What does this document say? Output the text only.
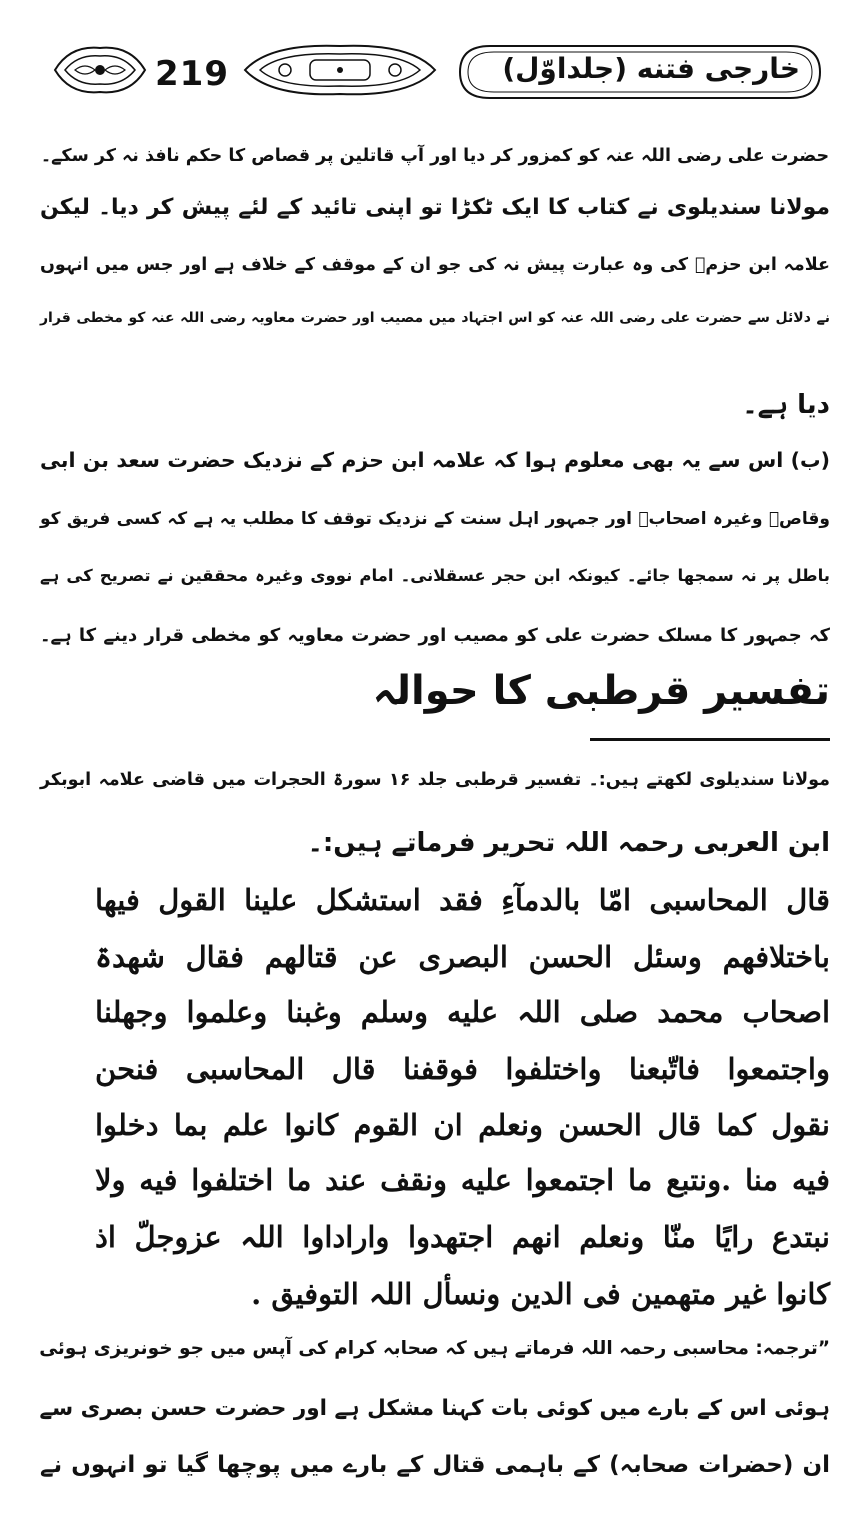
219	خارجی فتنه (جلداوّل)
حضرت علی رضی اللہ عنہ کو کمزور کر دیا اور آپ قاتلین پر قصاص کا حکم نافذ نہ کر سکے۔
مولانا سندیلوی نے کتاب کا ایک ٹکڑا تو اپنی تائید کے لئے پیش کر دیا۔ لیکن
علامہ ابن حزمؒ کی وہ عبارت پیش نہ کی جو ان کے موقف کے خلاف ہے اور جس میں انہوں
نے دلائل سے حضرت علی رضی اللہ عنہ کو اس اجتہاد میں مصیب اور حضرت معاویہ رضی اللہ عنہ کو مخطی قرار
دیا ہے۔
(ب) اس سے یہ بھی معلوم ہوا کہ علامہ ابن حزم کے نزدیک حضرت سعد بن ابی
وقاصؓ وغیرہ اصحابؓ اور جمہور اہل سنت کے نزدیک توقف کا مطلب یہ ہے کہ کسی فریق کو
باطل پر نہ سمجھا جائے۔ کیونکہ ابن حجر عسقلانی۔ امام نووی وغیرہ محققین نے تصریح کی ہے
کہ جمہور کا مسلک حضرت علی کو مصیب اور حضرت معاویہ کو مخطی قرار دینے کا ہے۔
تفسیر قرطبی کا حوالہ
مولانا سندیلوی لکھتے ہیں:۔ تفسیر قرطبی جلد ۱۶ سورۃ الحجرات میں قاضی علامہ ابوبکر
ابن العربی رحمہ اللہ تحریر فرماتے ہیں:۔
قال المحاسبی امّا بالدمآءِ فقد استشکل علینا القول فیھا
باختلافھم وسئل الحسن البصری عن قتالھم فقال شھدۃ
اصحاب محمد صلی اللہ علیه وسلم وغبنا وعلموا وجھلنا
واجتمعوا فاتّبعنا واختلفوا فوقفنا قال المحاسبی فنحن
نقول کما قال الحسن ونعلم ان القوم کانوا علم بما دخلوا
فیه منا .ونتبع ما اجتمعوا علیه ونقف عند ما اختلفوا فیه ولا
نبتدع رایًا منّا ونعلم انھم اجتھدوا واراداوا اللہ عزوجلّ اذ
کانوا غیر متھمین فی الدین ونسأل اللہ التوفیق .
”ترجمہ: محاسبی رحمہ اللہ فرماتے ہیں کہ صحابہ کرام کی آپس میں جو خونریزی ہوئی
ہوئی اس کے بارے میں کوئی بات کہنا مشکل ہے اور حضرت حسن بصری سے
ان (حضرات صحابہ) کے باہمی قتال کے بارے میں پوچھا گیا تو انہوں نے
